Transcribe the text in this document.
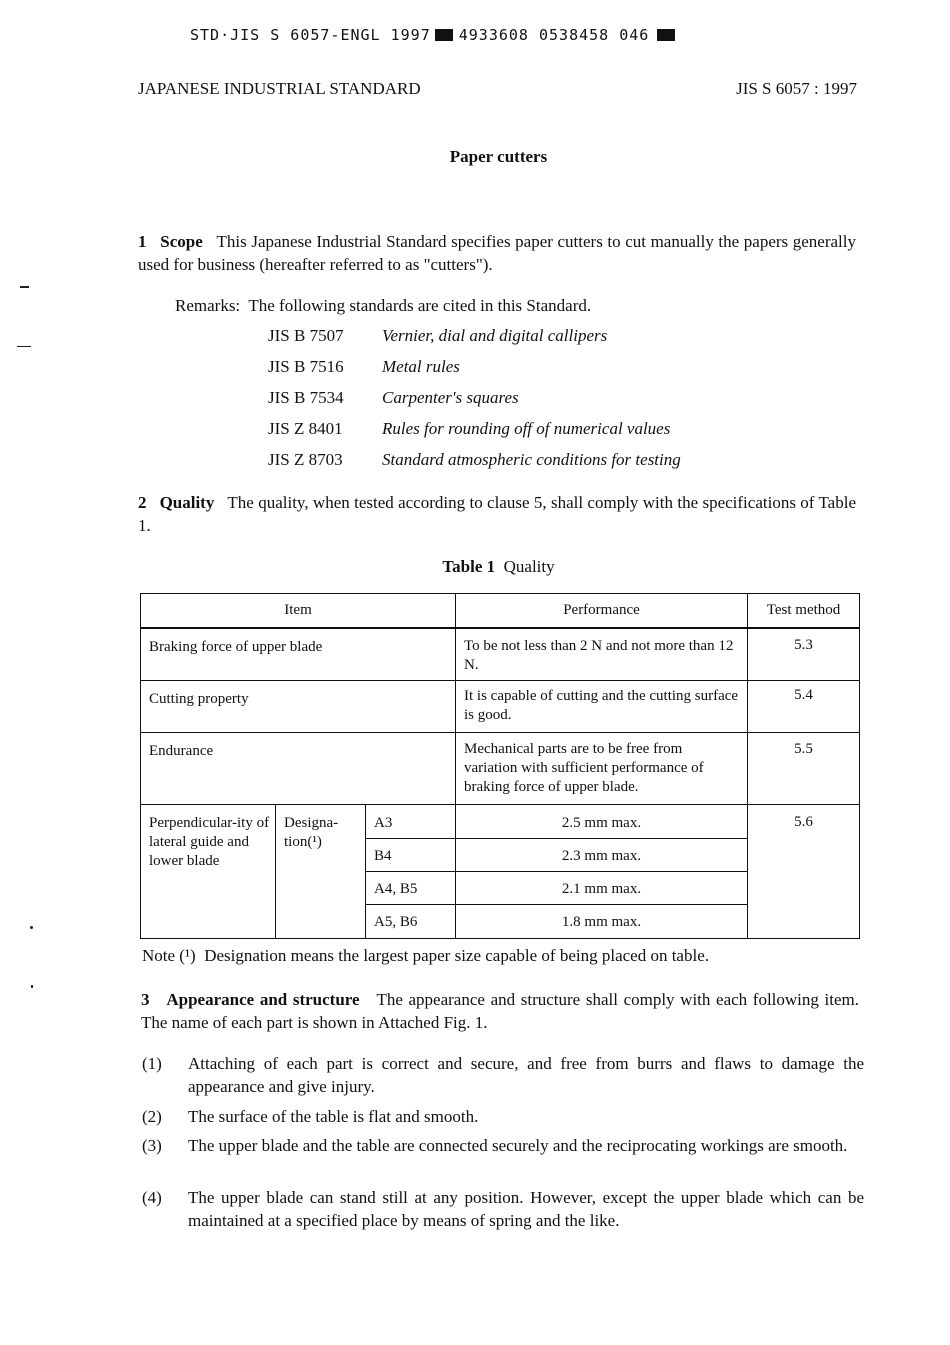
STD·JIS S 6057-ENGL 1997 4933608 0538458 046
JAPANESE INDUSTRIAL STANDARD	JIS S 6057 : 1997
Paper cutters
1 Scope This Japanese Industrial Standard specifies paper cutters to cut manually the papers generally used for business (hereafter referred to as "cutters").
Remarks: The following standards are cited in this Standard.
JIS B 7507	Vernier, dial and digital callipers
JIS B 7516	Metal rules
JIS B 7534	Carpenter's squares
JIS Z 8401	Rules for rounding off of numerical values
JIS Z 8703	Standard atmospheric conditions for testing
2 Quality The quality, when tested according to clause 5, shall comply with the specifications of Table 1.
Table 1 Quality
Item			Performance	Test method
Braking force of upper blade			To be not less than 2 N and not more than 12 N.	5.3
Cutting property			It is capable of cutting and the cutting surface is good.	5.4
Endurance			Mechanical parts are to be free from variation with sufficient performance of braking force of upper blade.	5.5
Perpendicular-ity of lateral guide and lower blade	Designa-tion(¹)	A3	2.5 mm max.	5.6
		B4	2.3 mm max.	
		A4, B5	2.1 mm max.	
		A5, B6	1.8 mm max.	
Note (¹) Designation means the largest paper size capable of being placed on table.
3 Appearance and structure The appearance and structure shall comply with each following item. The name of each part is shown in Attached Fig. 1.
(1) Attaching of each part is correct and secure, and free from burrs and flaws to damage the appearance and give injury.
(2) The surface of the table is flat and smooth.
(3) The upper blade and the table are connected securely and the reciprocating workings are smooth.
(4) The upper blade can stand still at any position. However, except the upper blade which can be maintained at a specified place by means of spring and the like.
